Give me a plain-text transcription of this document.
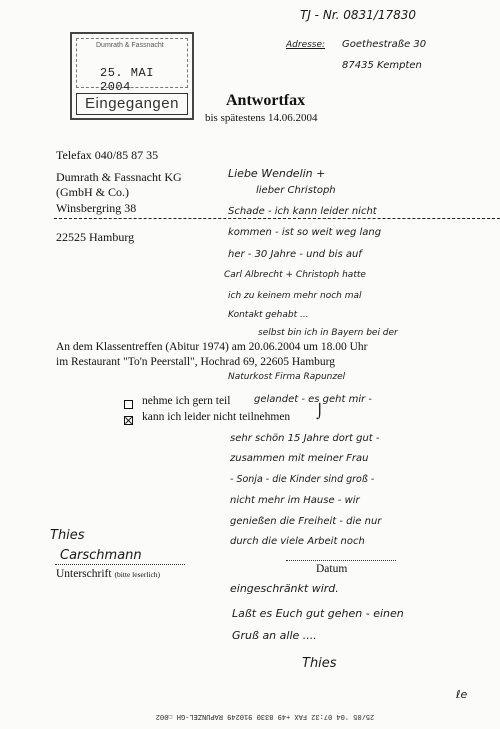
Dumrath & Fassnacht
25. MAI 2004
Eingegangen
TJ - Nr. 0831/17830
Adresse: Goethestraße 30
87435 Kempten
Antwortfax
bis spätestens 14.06.2004
Telefax 040/85 87 35
Dumrath & Fassnacht KG
(GmbH & Co.)
Winsbergring 38
22525 Hamburg
Liebe Wendelin +
lieber Christoph
Schade - ich kann leider nicht
kommen - ist so weit weg lang
her - 30 Jahre - und bis auf
Carl Albrecht + Christoph hatte
ich zu keinem mehr noch mal
Kontakt gehabt ...
selbst bin ich in Bayern bei der
Naturkost Firma Rapunzel
gelandet - es geht mir -
sehr schön 15 Jahre dort gut -
zusammen mit meiner Frau
- Sonja - die Kinder sind groß -
nicht mehr im Hause - wir
genießen die Freiheit - die nur
durch die viele Arbeit noch
eingeschränkt wird.
Laßt es Euch gut gehen - einen
Gruß an alle ....
An dem Klassentreffen (Abitur 1974) am 20.06.2004 um 18.00 Uhr
im Restaurant "To'n Peerstall", Hochrad 69, 22605 Hamburg
nehme ich gern teil
kann ich leider nicht teilnehmen ⌡
Thies
Carschmann
Unterschrift (bitte leserlich)	Datum
Thies
ℓe
25/05 '04 07:32 FAX +49 8330 910249 RAPUNZEL-GH ☐002
